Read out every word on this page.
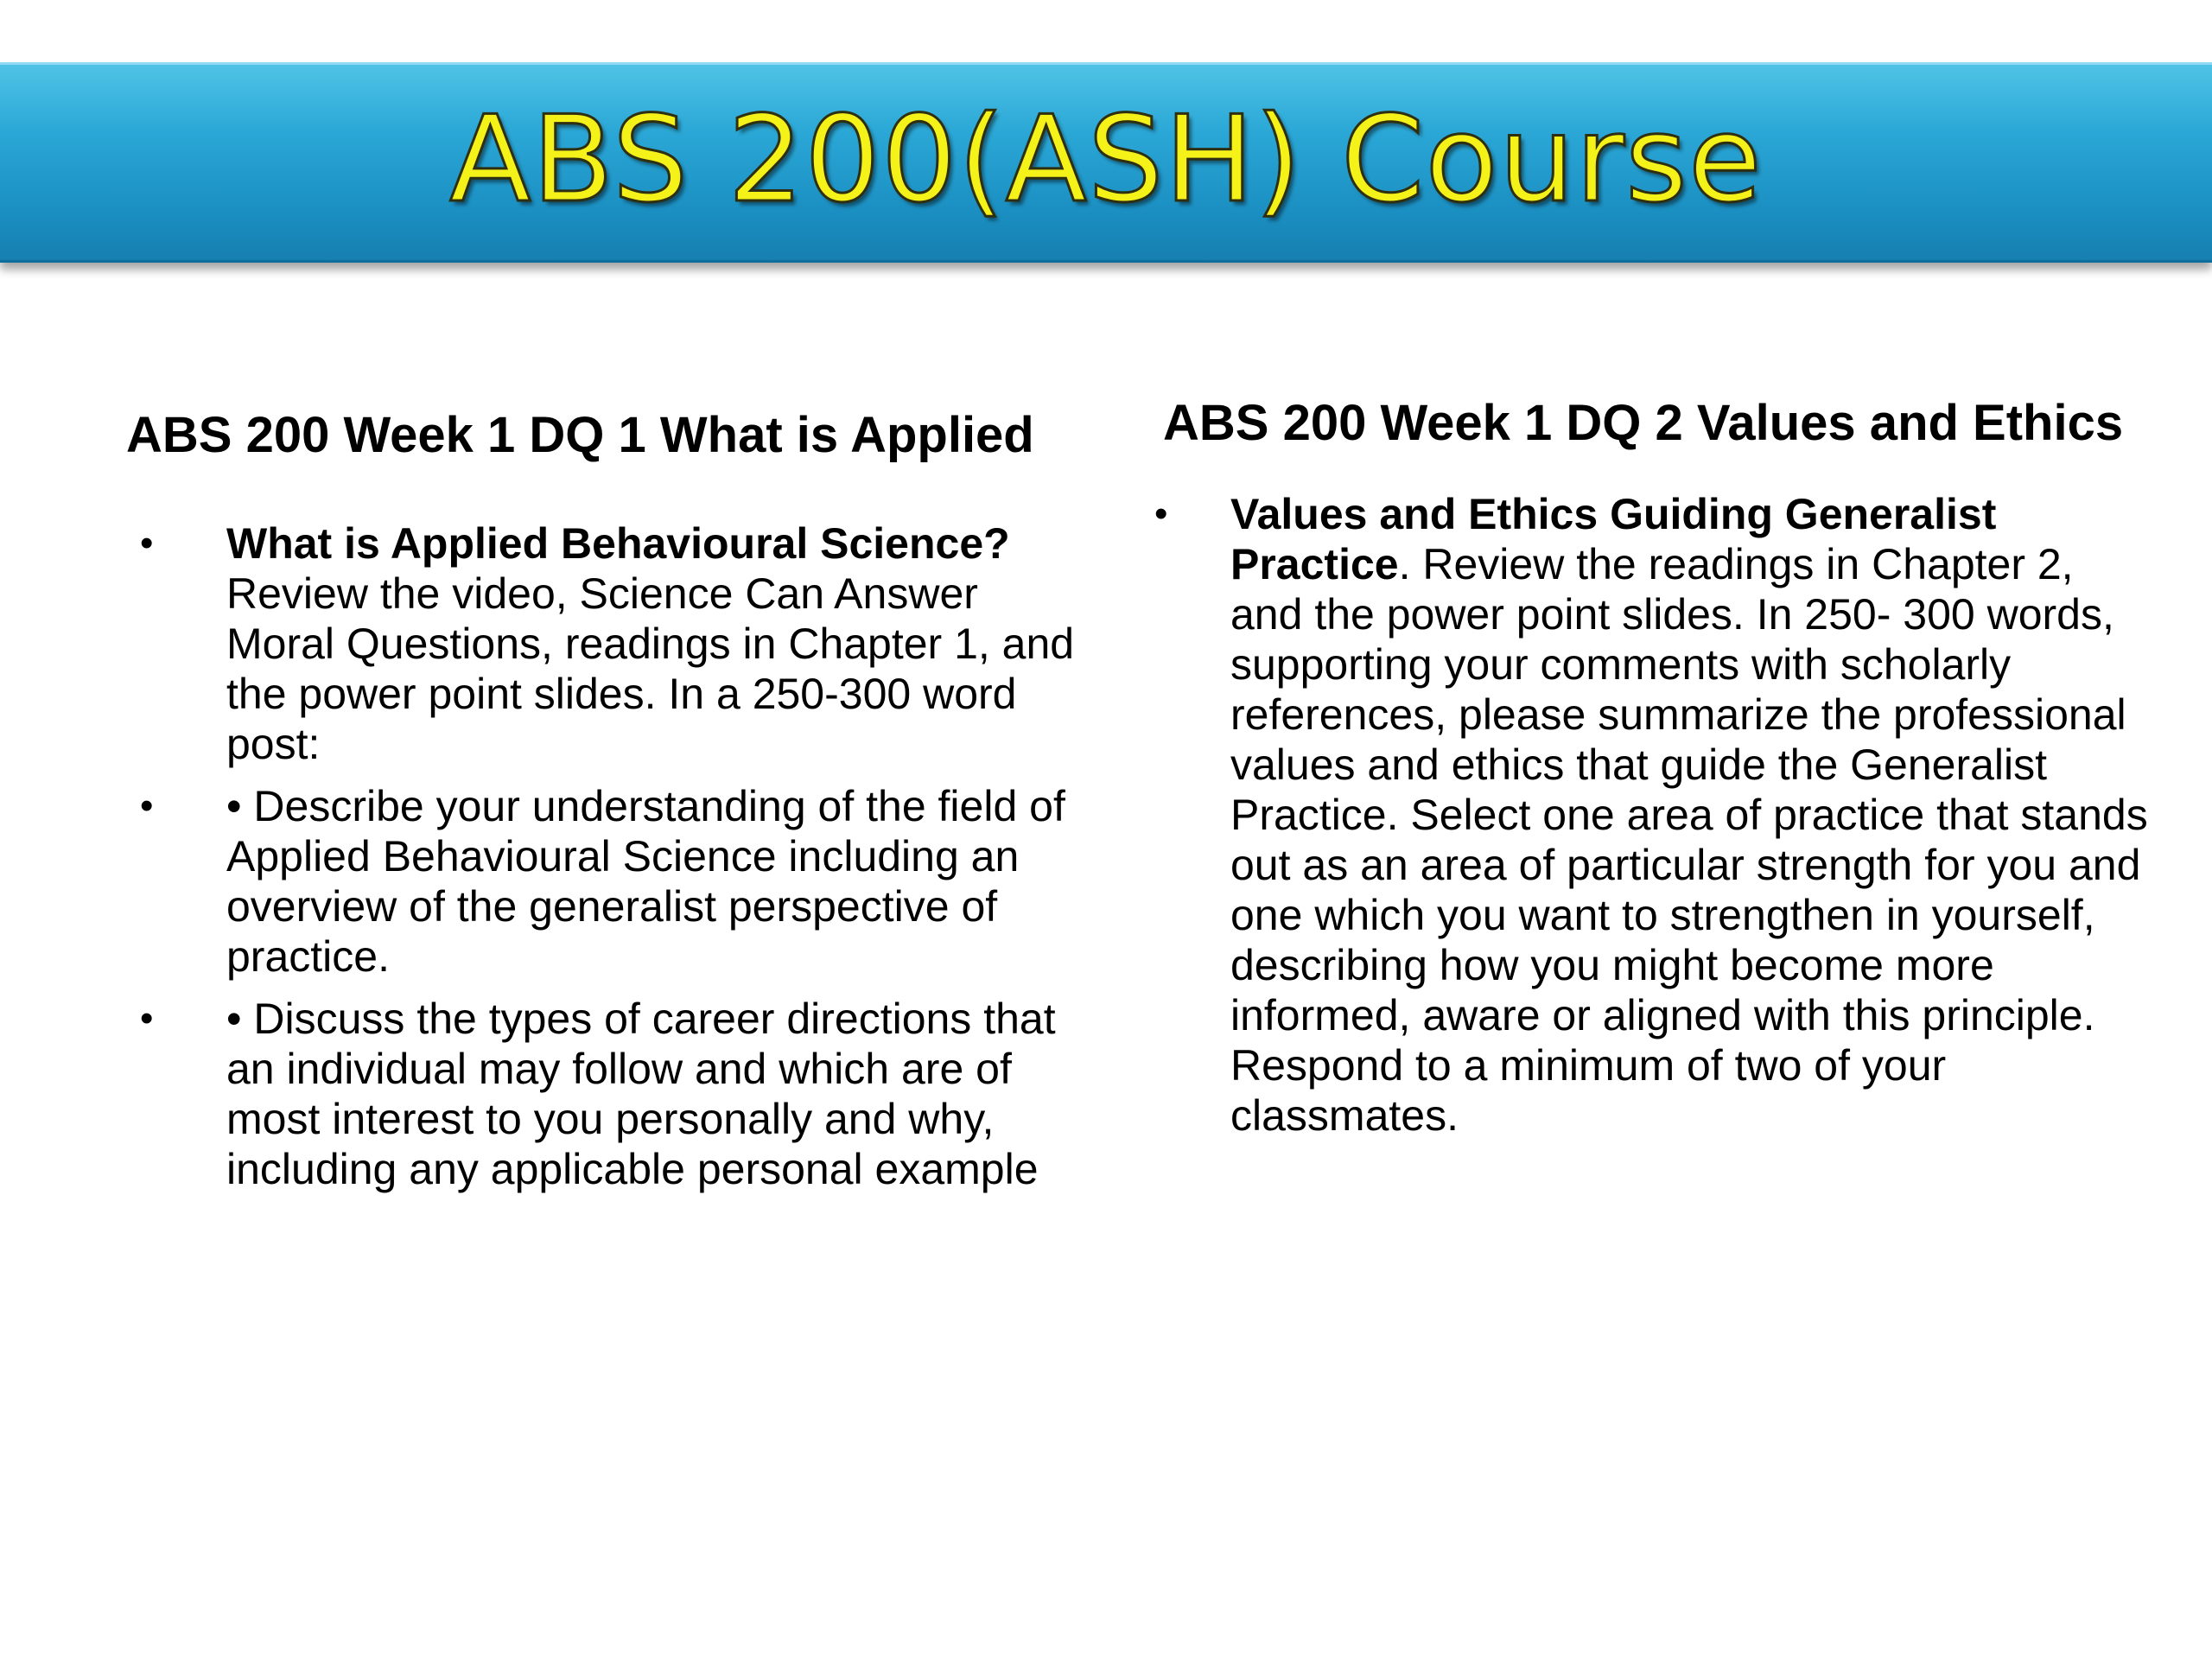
ABS 200(ASH) Course
ABS 200 Week 1 DQ 1 What is Applied
• What is Applied Behavioural Science? Review the video, Science Can Answer Moral Questions, readings in Chapter 1, and the power point slides. In a 250-300 word post:
• • Describe your understanding of the field of Applied Behavioural Science including an overview of the generalist perspective of practice.
• • Discuss the types of career directions that an individual may follow and which are of most interest to you personally and why, including any applicable personal example
ABS 200 Week 1 DQ 2 Values and Ethics
• Values and Ethics Guiding Generalist Practice. Review the readings in Chapter 2, and the power point slides. In 250- 300 words, supporting your comments with scholarly references, please summarize the professional values and ethics that guide the Generalist Practice. Select one area of practice that stands out as an area of particular strength for you and one which you want to strengthen in yourself, describing how you might become more informed, aware or aligned with this principle. Respond to a minimum of two of your classmates.
